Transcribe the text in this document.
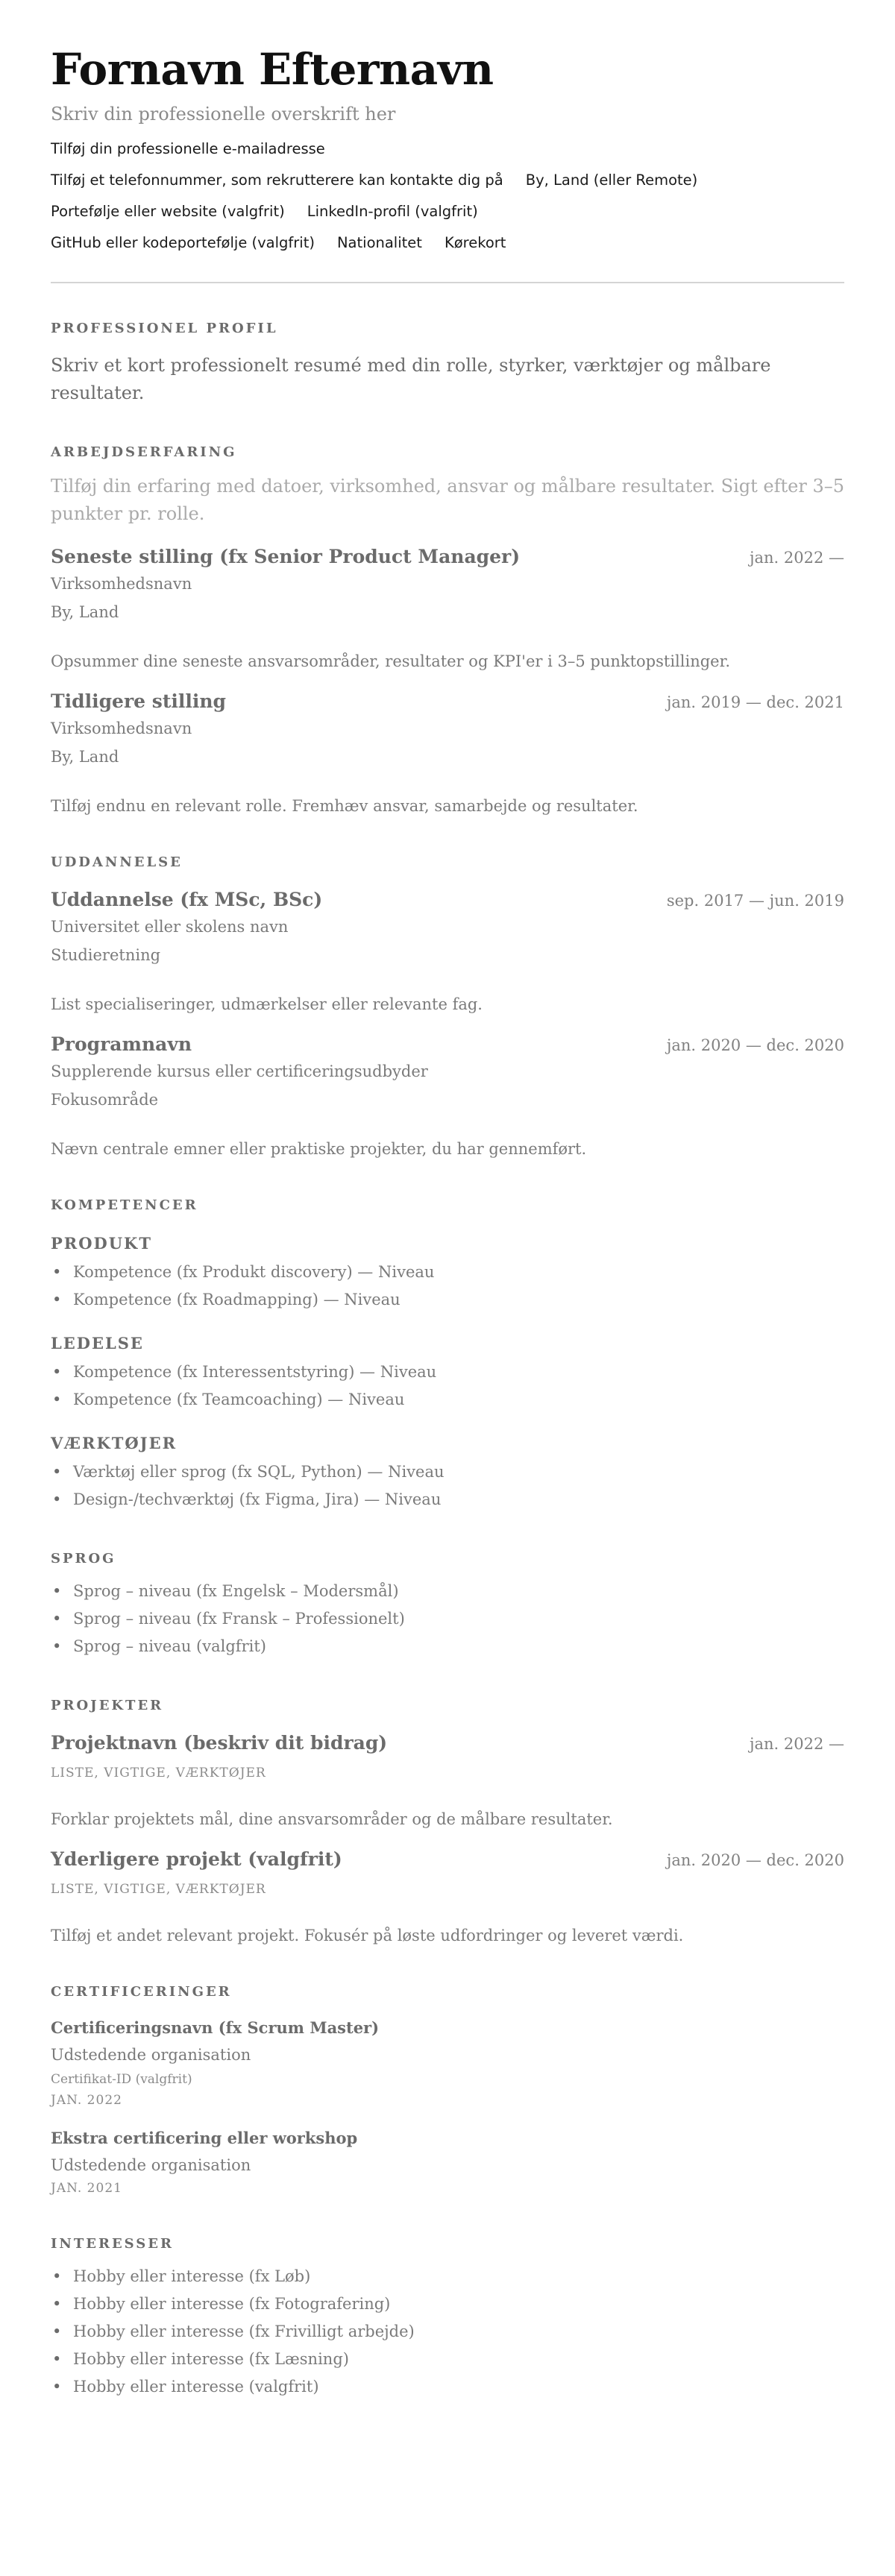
Fornavn Efternavn
Skriv din professionelle overskrift her
Tilføj din professionelle e-mailadresse
Tilføj et telefonnummer, som rekrutterere kan kontakte dig på By, Land (eller Remote)
Portefølje eller website (valgfrit) LinkedIn-profil (valgfrit)
GitHub eller kodeportefølje (valgfrit) Nationalitet Kørekort
PROFESSIONEL PROFIL

Skriv et kort professionelt resumé med din rolle, styrker, værktøjer og målbare resultater.

ARBEJDSERFARING

Tilføj din erfaring med datoer, virksomhed, ansvar og målbare resultater. Sigt efter 3–5 punkter pr. rolle.

Seneste stilling (fx Senior Product Manager)	jan. 2022 —
Virksomhedsnavn
By, Land
Opsummer dine seneste ansvarsområder, resultater og KPI'er i 3–5 punktopstillinger.
Tidligere stilling	jan. 2019 — dec. 2021
Virksomhedsnavn
By, Land
Tilføj endnu en relevant rolle. Fremhæv ansvar, samarbejde og resultater.
UDDANNELSE
Uddannelse (fx MSc, BSc)	sep. 2017 — jun. 2019
Universitet eller skolens navn
Studieretning
List specialiseringer, udmærkelser eller relevante fag.
Programnavn	jan. 2020 — dec. 2020
Supplerende kursus eller certificeringsudbyder
Fokusområde
Nævn centrale emner eller praktiske projekter, du har gennemført.
KOMPETENCER
PRODUKT
• Kompetence (fx Produkt discovery) — Niveau
• Kompetence (fx Roadmapping) — Niveau
LEDELSE
• Kompetence (fx Interessentstyring) — Niveau
• Kompetence (fx Teamcoaching) — Niveau
VÆRKTØJER
• Værktøj eller sprog (fx SQL, Python) — Niveau
• Design-/techværktøj (fx Figma, Jira) — Niveau
SPROG
• Sprog – niveau (fx Engelsk – Modersmål)
• Sprog – niveau (fx Fransk – Professionelt)
• Sprog – niveau (valgfrit)
PROJEKTER
Projektnavn (beskriv dit bidrag)	jan. 2022 —
LISTE, VIGTIGE, VÆRKTØJER
Forklar projektets mål, dine ansvarsområder og de målbare resultater.
Yderligere projekt (valgfrit)	jan. 2020 — dec. 2020
LISTE, VIGTIGE, VÆRKTØJER
Tilføj et andet relevant projekt. Fokusér på løste udfordringer og leveret værdi.
CERTIFICERINGER
Certificeringsnavn (fx Scrum Master)
Udstedende organisation
Certifikat-ID (valgfrit)
JAN. 2022
Ekstra certificering eller workshop
Udstedende organisation
JAN. 2021
INTERESSER
• Hobby eller interesse (fx Løb)
• Hobby eller interesse (fx Fotografering)
• Hobby eller interesse (fx Frivilligt arbejde)
• Hobby eller interesse (fx Læsning)
• Hobby eller interesse (valgfrit)
